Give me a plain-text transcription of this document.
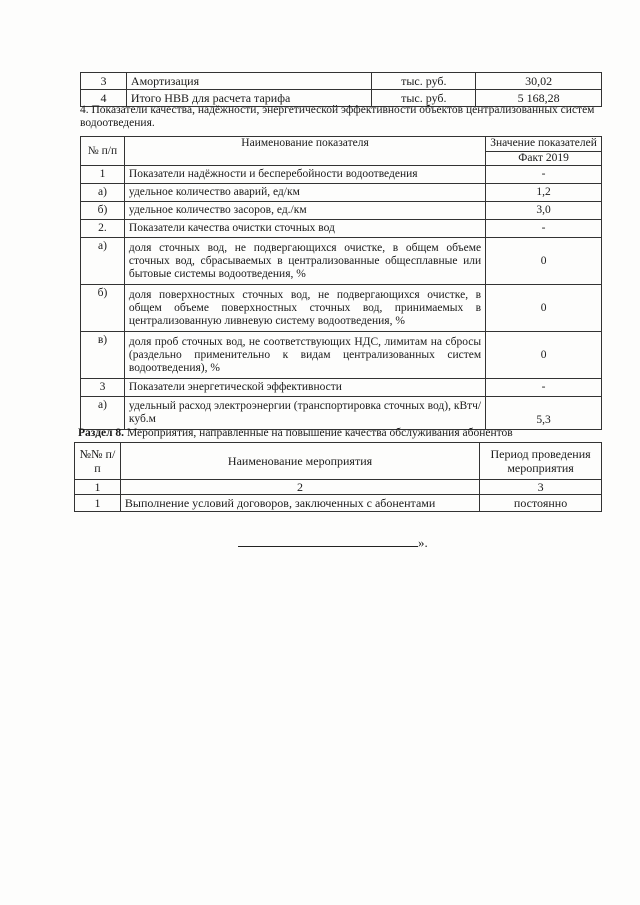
3	Амортизация	тыс. руб.	30,02
4	Итого НВВ для расчета тарифа	тыс. руб.	5 168,28
4. Показатели качества, надёжности, энергетической эффективности объектов централизованных систем водоотведения.
№ п/п	Наименование показателя	Значение показателей
		Факт 2019
1	Показатели надёжности и бесперебойности водоотведения	-
а)	удельное количество аварий, ед/км	1,2
б)	удельное количество засоров, ед./км	3,0
2.	Показатели качества очистки сточных вод	-
а)	доля сточных вод, не подвергающихся очистке, в общем объеме сточных вод, сбрасываемых в централизованные общесплавные или бытовые системы водоотведения, %	0
б)	доля поверхностных сточных вод, не подвергающихся очистке, в общем объеме поверхностных сточных вод, принимаемых в централизованную ливневую систему водоотведения, %	0
в)	доля проб сточных вод, не соответствующих НДС, лимитам на сбросы (раздельно применительно к видам централизованных систем водоотведения), %	0
3	Показатели энергетической эффективности	-
а)	удельный расход электроэнергии (транспортировка сточных вод), кВтч/куб.м	5,3
Раздел 8. Мероприятия, направленные на повышение качества обслуживания абонентов
№№ п/п	Наименование мероприятия	Период проведения мероприятия
1	2	3
1	Выполнение условий договоров, заключенных с абонентами	постоянно
».
